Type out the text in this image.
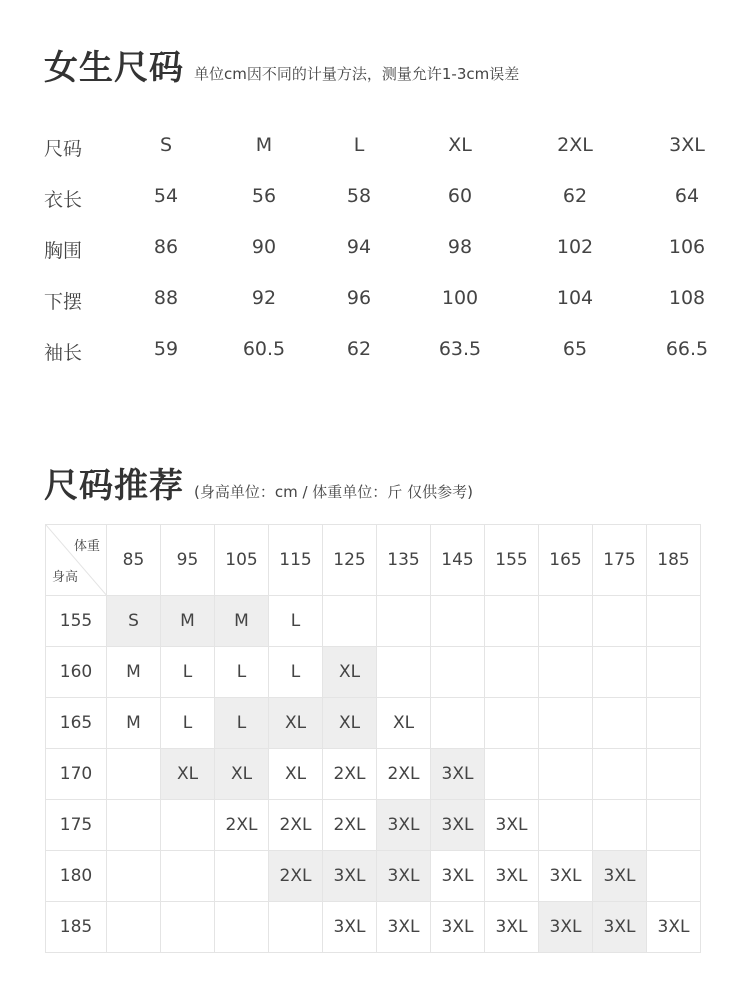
女生尺码 单位cm因不同的计量方法，测量允许1-3cm误差
尺码	S	M	L	XL	2XL	3XL
衣长	54	56	58	60	62	64
胸围	86	90	94	98	102	106
下摆	88	92	96	100	104	108
袖长	59	60.5	62	63.5	65	66.5
尺码推荐 (身高单位：cm / 体重单位：斤 仅供参考)
体重
身高	85	95	105	115	125	135	145	155	165	175	185
155	S	M	M	L							
160	M	L	L	L	XL						
165	M	L	L	XL	XL	XL					
170		XL	XL	XL	2XL	2XL	3XL				
175			2XL	2XL	2XL	3XL	3XL	3XL			
180				2XL	3XL	3XL	3XL	3XL	3XL	3XL	
185					3XL	3XL	3XL	3XL	3XL	3XL	3XL
